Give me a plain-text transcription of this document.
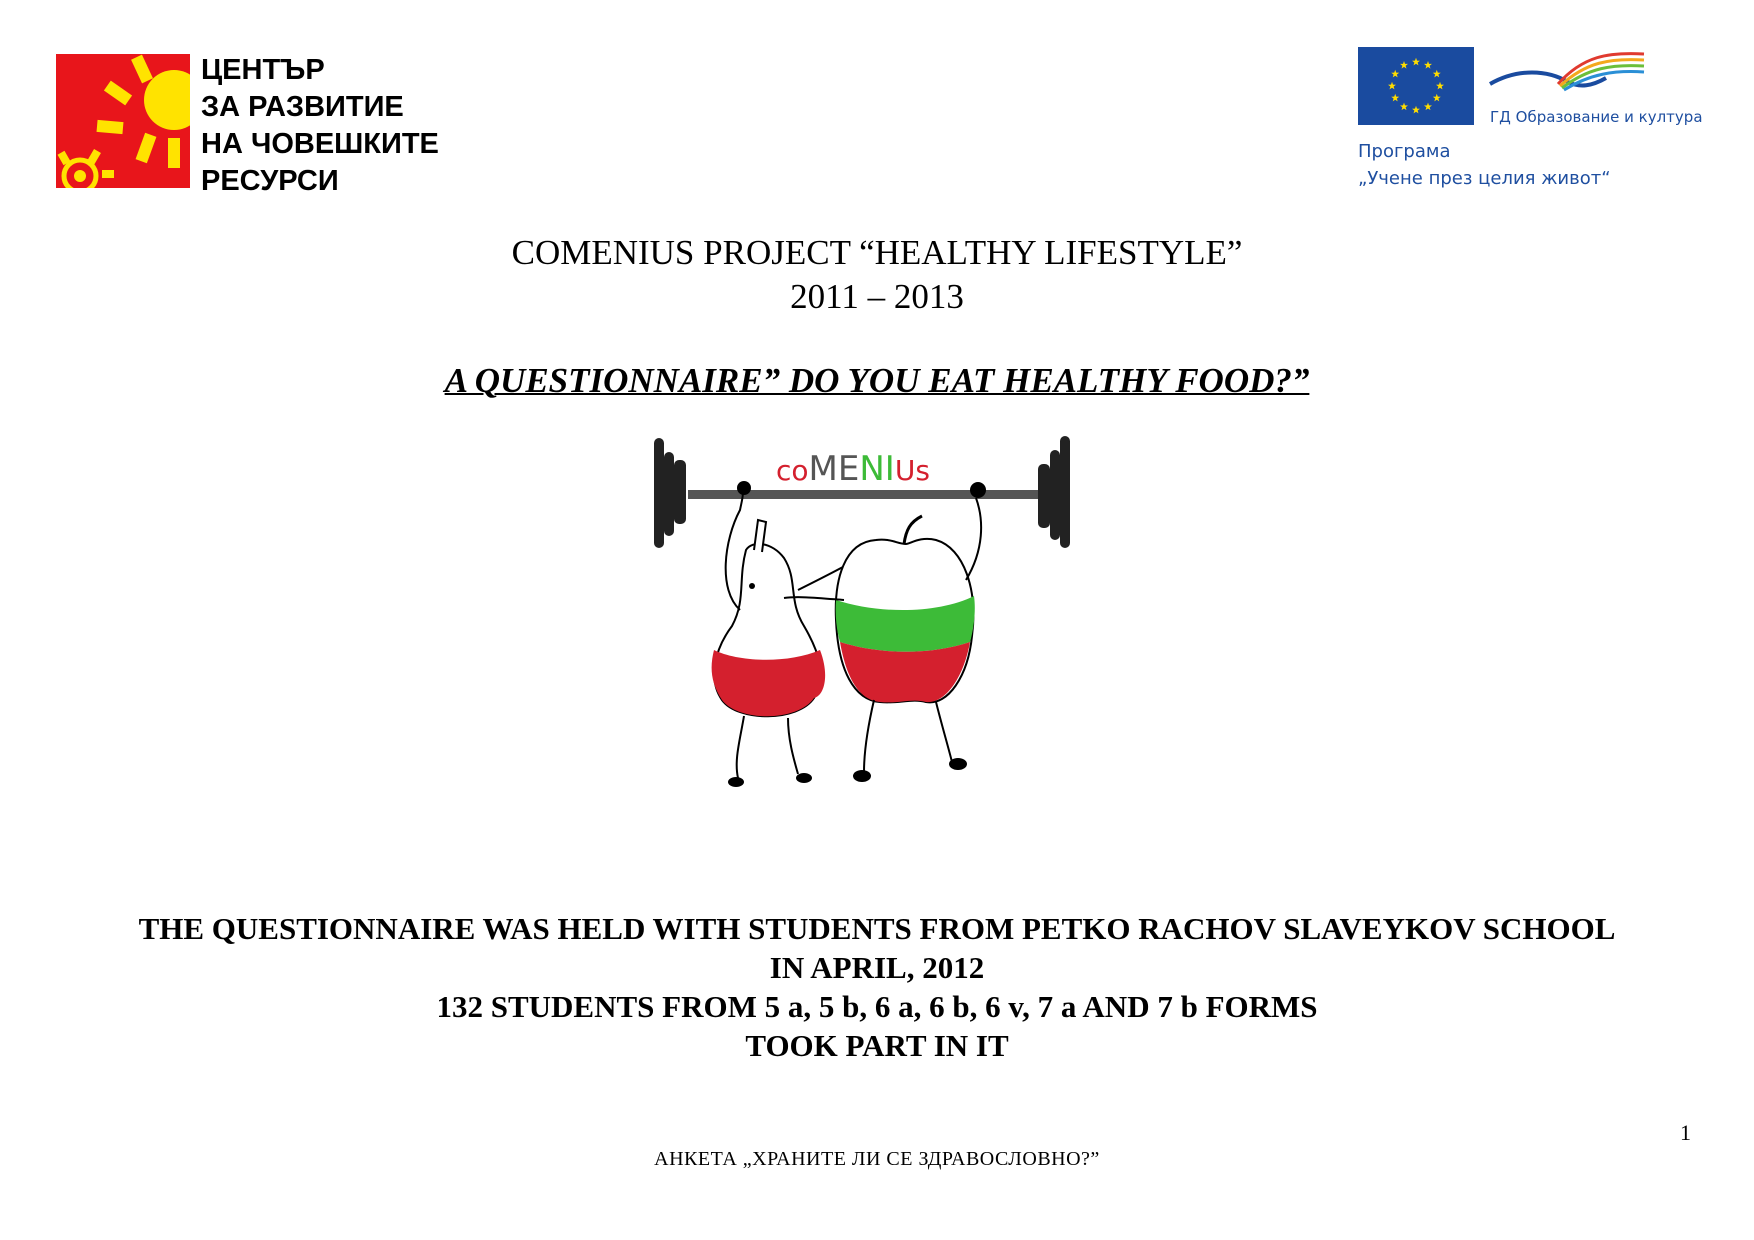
ЦЕНТЪР
ЗА РАЗВИТИЕ
НА ЧОВЕШКИТЕ
РЕСУРСИ
ГД Образование и култура
Програма
„Учене през целия живот“
COMENIUS PROJECT “HEALTHY LIFESTYLE”
2011 – 2013
A QUESTIONNAIRE” DO YOU EAT HEALTHY FOOD?”
coMENIUs
THE QUESTIONNAIRE WAS HELD WITH STUDENTS FROM PETKO RACHOV SLAVEYKOV SCHOOL
IN APRIL, 2012
132 STUDENTS FROM 5 a, 5 b, 6 a, 6 b, 6 v, 7 a AND 7 b FORMS
TOOK PART IN IT
1
АНКЕТА „ХРАНИТЕ ЛИ СЕ ЗДРАВОСЛОВНО?”
